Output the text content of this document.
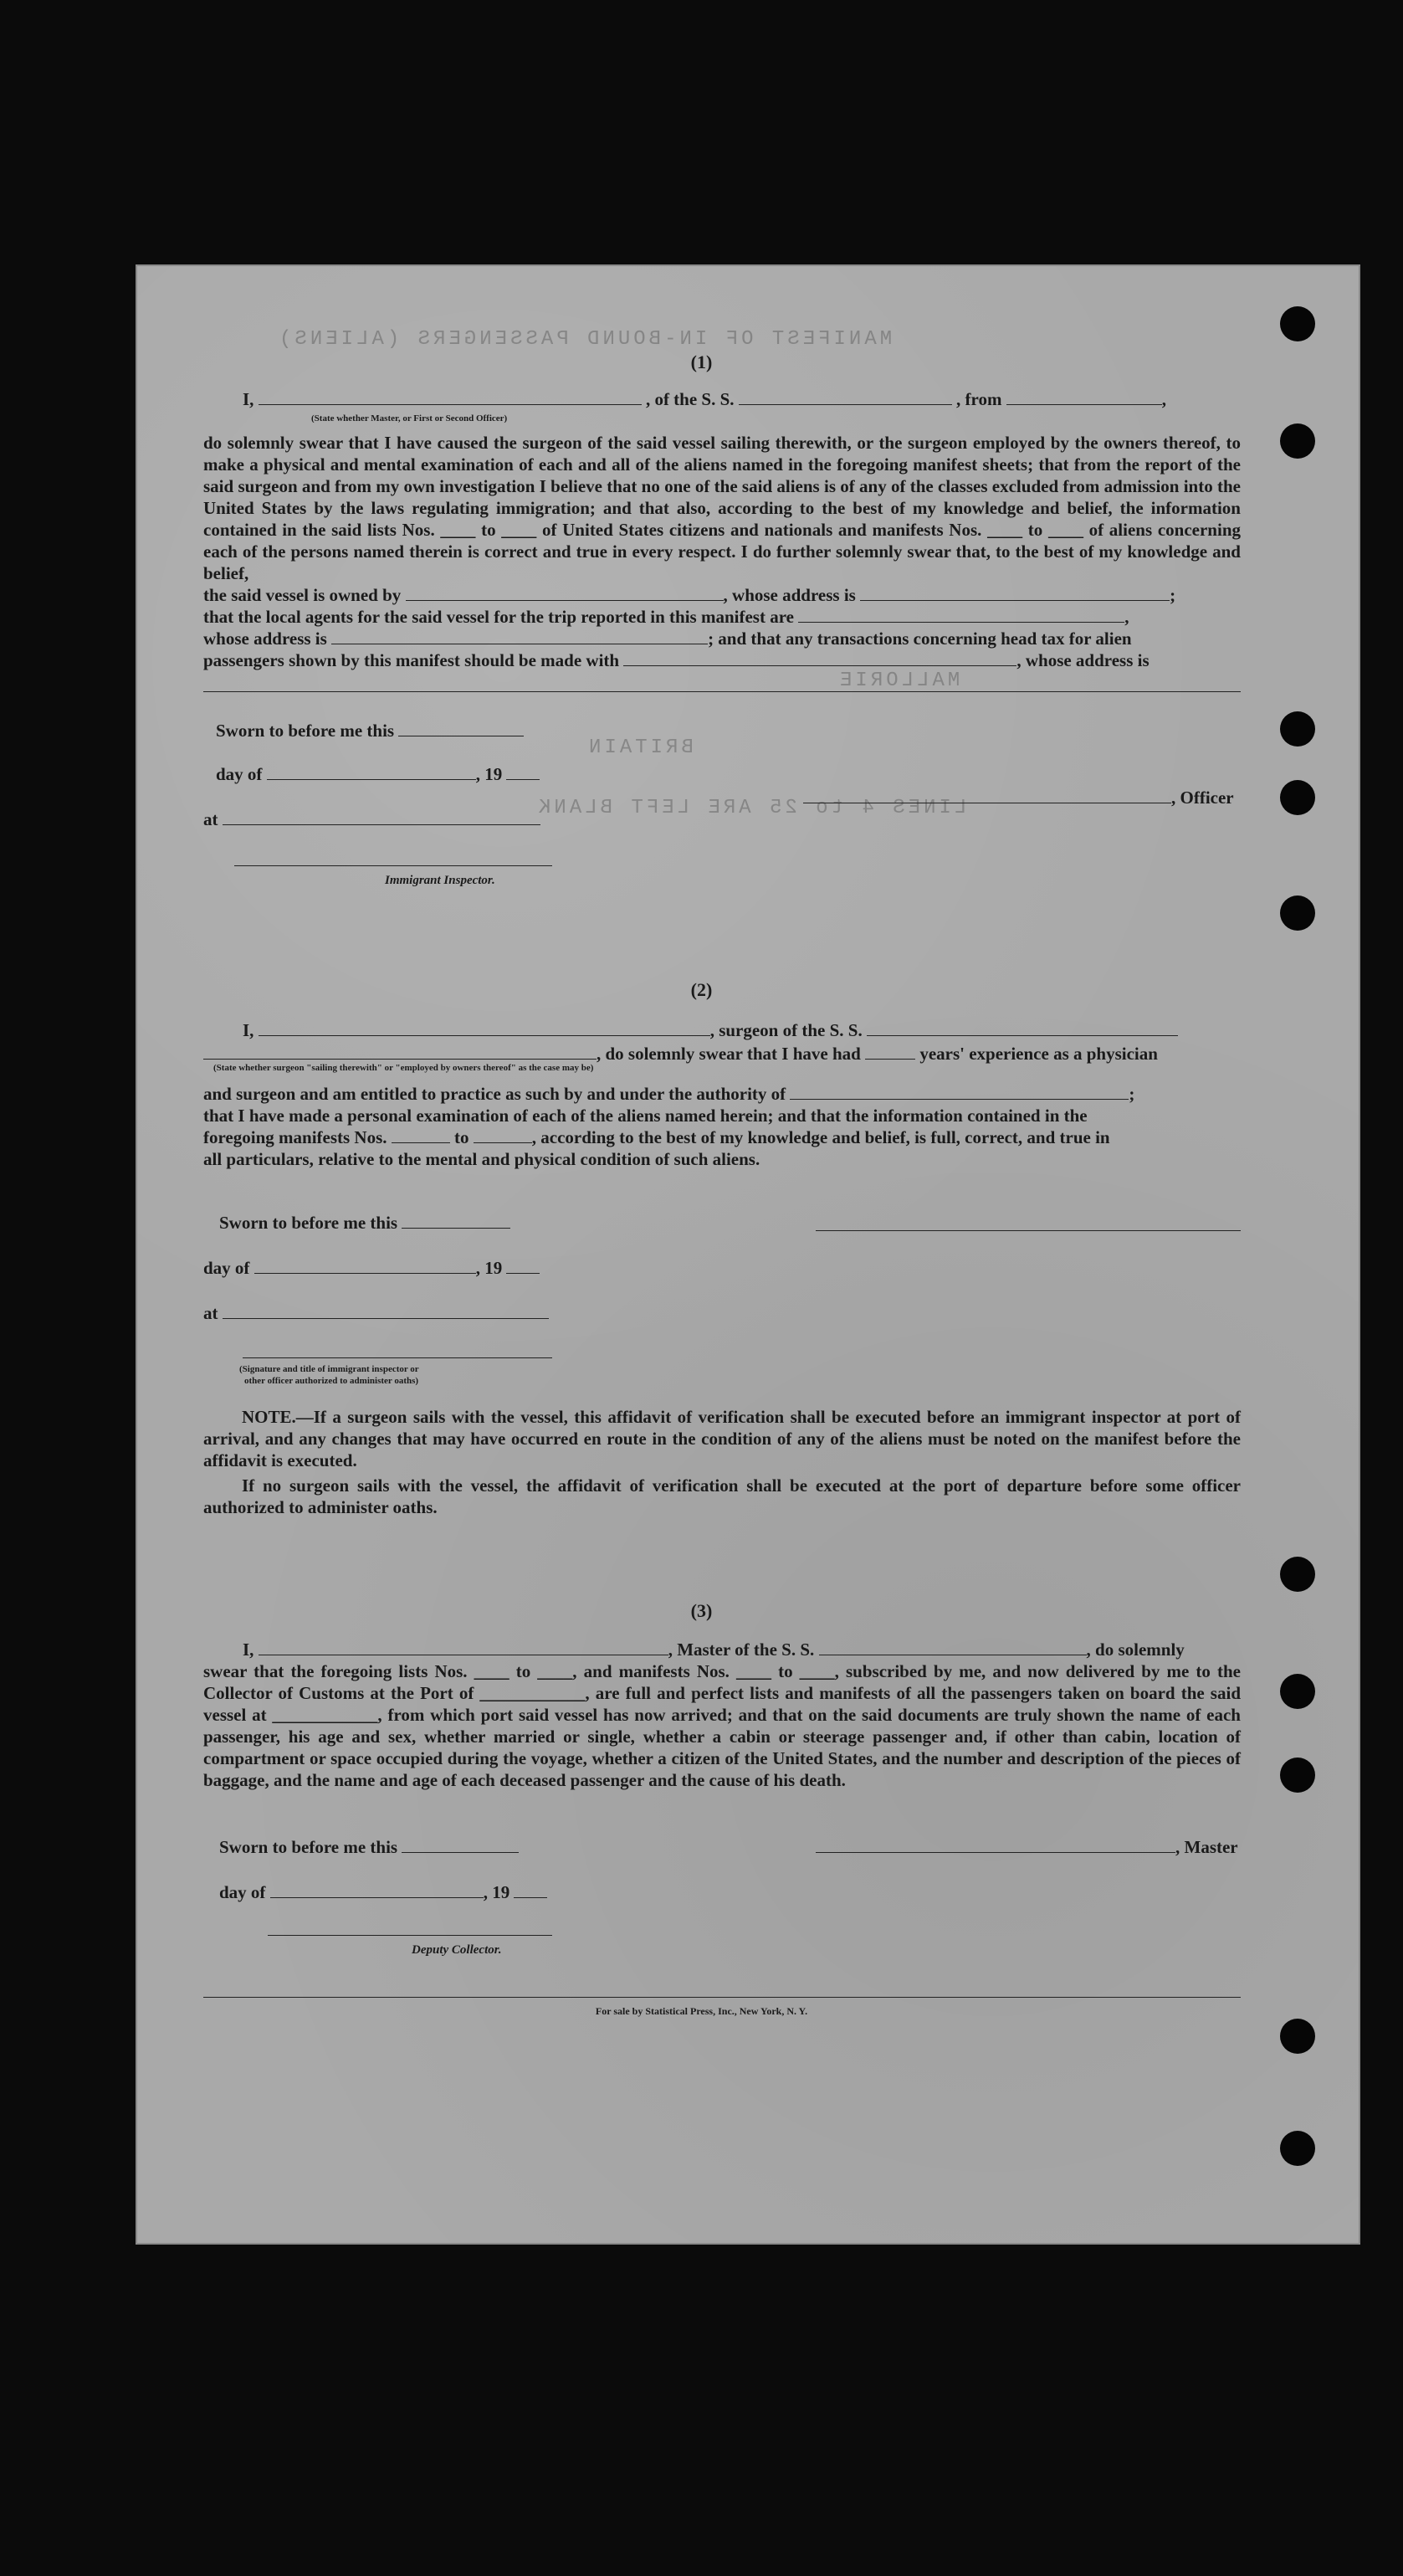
MANIFEST OF IN-BOUND PASSENGERS (ALIENS)
MALLORIE
LINES 4 to 25 ARE LEFT BLANK
BRITAIN
(1)
I,	, of the S. S.	, from	,
(State whether Master, or First or Second Officer)
do solemnly swear that I have caused the surgeon of the said vessel sailing therewith, or the surgeon employed by the owners thereof, to make a physical and mental examination of each and all of the aliens named in the foregoing manifest sheets; that from the report of the said surgeon and from my own investigation I believe that no one of the said aliens is of any of the classes excluded from admission into the United States by the laws regulating immigration; and that also, according to the best of my knowledge and belief, the information contained in the said lists Nos. ____ to ____ of United States citizens and nationals and manifests Nos. ____ to ____ of aliens concerning each of the persons named therein is correct and true in every respect. I do further solemnly swear that, to the best of my knowledge and belief,
the said vessel is owned by	, whose address is	;
that the local agents for the said vessel for the trip reported in this manifest are	,
whose address is	; and that any transactions concerning head tax for alien
passengers shown by this manifest should be made with	, whose address is
Sworn to before me this
day of	, 19
at
, Officer
Immigrant Inspector.
(2)
I,	, surgeon of the S. S.
, do solemnly swear that I have had	years' experience as a physician
(State whether surgeon "sailing therewith" or "employed by owners thereof" as the case may be)
and surgeon and am entitled to practice as such by and under the authority of	;
that I have made a personal examination of each of the aliens named herein; and that the information contained in the
foregoing manifests Nos.	to	, according to the best of my knowledge and belief, is full, correct, and true in
all particulars, relative to the mental and physical condition of such aliens.
Sworn to before me this
day of	, 19
at
(Signature and title of immigrant inspector or
other officer authorized to administer oaths)
NOTE.—If a surgeon sails with the vessel, this affidavit of verification shall be executed before an immigrant inspector at port of arrival, and any changes that may have occurred en route in the condition of any of the aliens must be noted on the manifest before the affidavit is executed.
If no surgeon sails with the vessel, the affidavit of verification shall be executed at the port of departure before some officer authorized to administer oaths.
(3)
I,	, Master of the S. S.	, do solemnly
swear that the foregoing lists Nos. ____ to ____, and manifests Nos. ____ to ____, subscribed by me, and now delivered by me to the Collector of Customs at the Port of ____________, are full and perfect lists and manifests of all the passengers taken on board the said vessel at ____________, from which port said vessel has now arrived; and that on the said documents are truly shown the name of each passenger, his age and sex, whether married or single, whether a cabin or steerage passenger and, if other than cabin, location of compartment or space occupied during the voyage, whether a citizen of the United States, and the number and description of the pieces of baggage, and the name and age of each deceased passenger and the cause of his death.
Sworn to before me this	, Master
day of	, 19
Deputy Collector.
For sale by Statistical Press, Inc., New York, N. Y.
